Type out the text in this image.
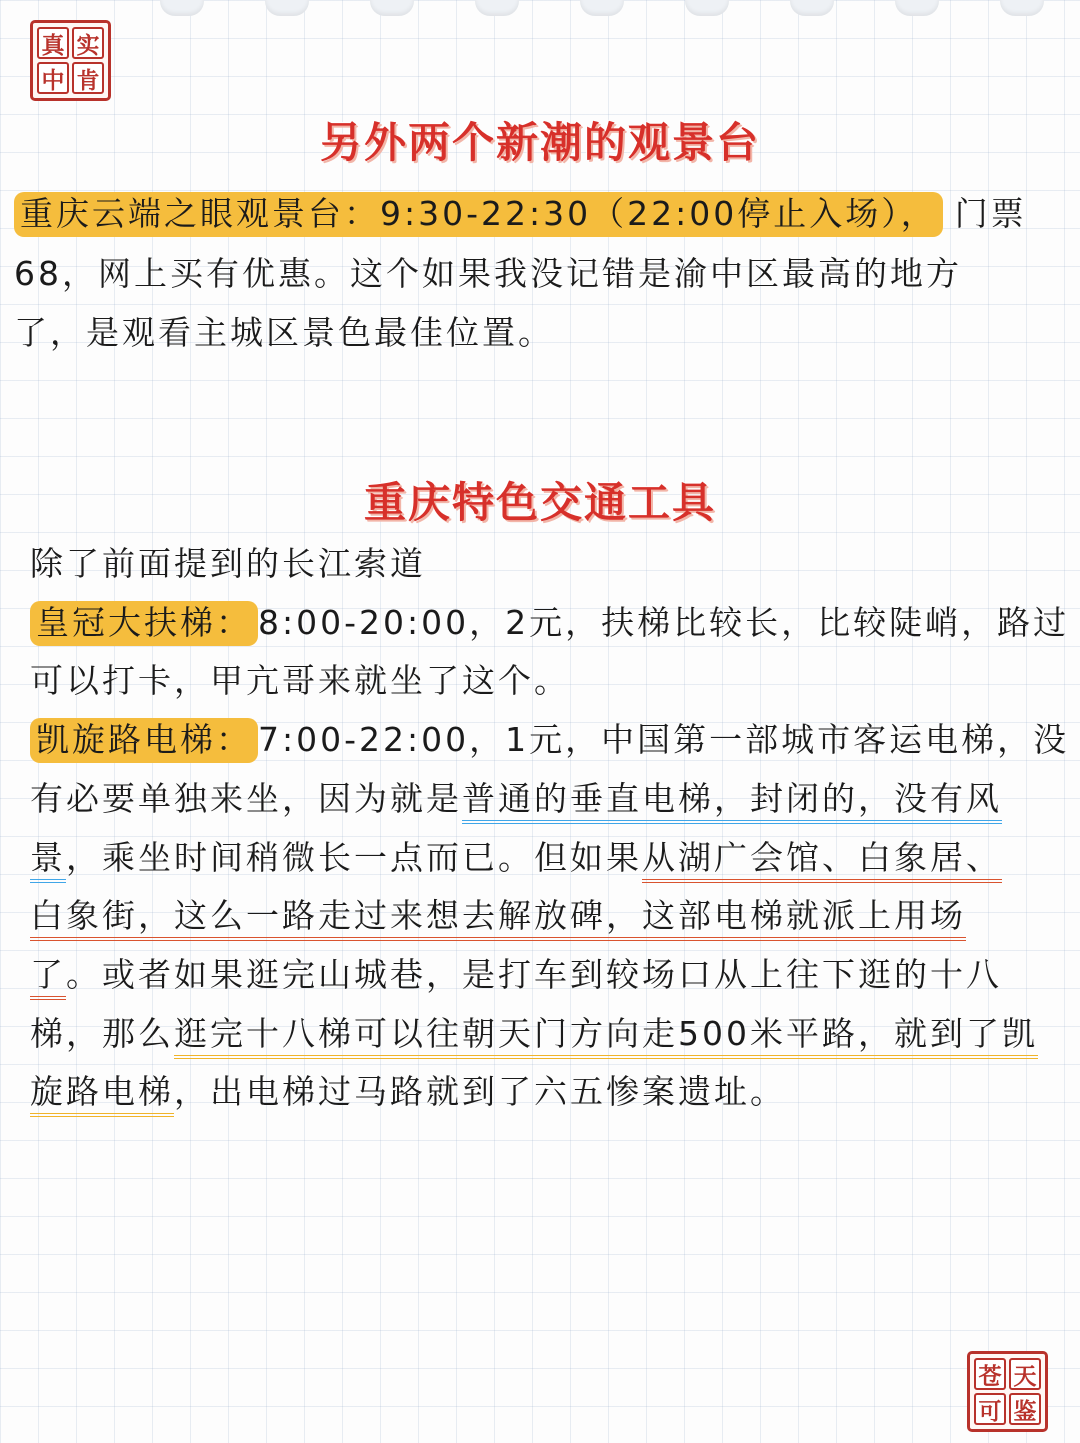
真 实
中 肯
另外两个新潮的观景台
重庆云端之眼观景台：9:30-22:30（22:00停止入场）， 门票
68，网上买有优惠。这个如果我没记错是渝中区最高的地方
了，是观看主城区景色最佳位置。
重庆特色交通工具
除了前面提到的长江索道
皇冠大扶梯： 8:00-20:00，2元，扶梯比较长，比较陡峭，路过
可以打卡，甲亢哥来就坐了这个。
凯旋路电梯： 7:00-22:00，1元，中国第一部城市客运电梯，没
有必要单独来坐，因为就是普通的垂直电梯，封闭的，没有风
景，乘坐时间稍微长一点而已。但如果从湖广会馆、白象居、
白象街，这么一路走过来想去解放碑，这部电梯就派上用场
了。或者如果逛完山城巷，是打车到较场口从上往下逛的十八
梯，那么逛完十八梯可以往朝天门方向走500米平路，就到了凯
旋路电梯，出电梯过马路就到了六五惨案遗址。
苍 天
可 鉴
